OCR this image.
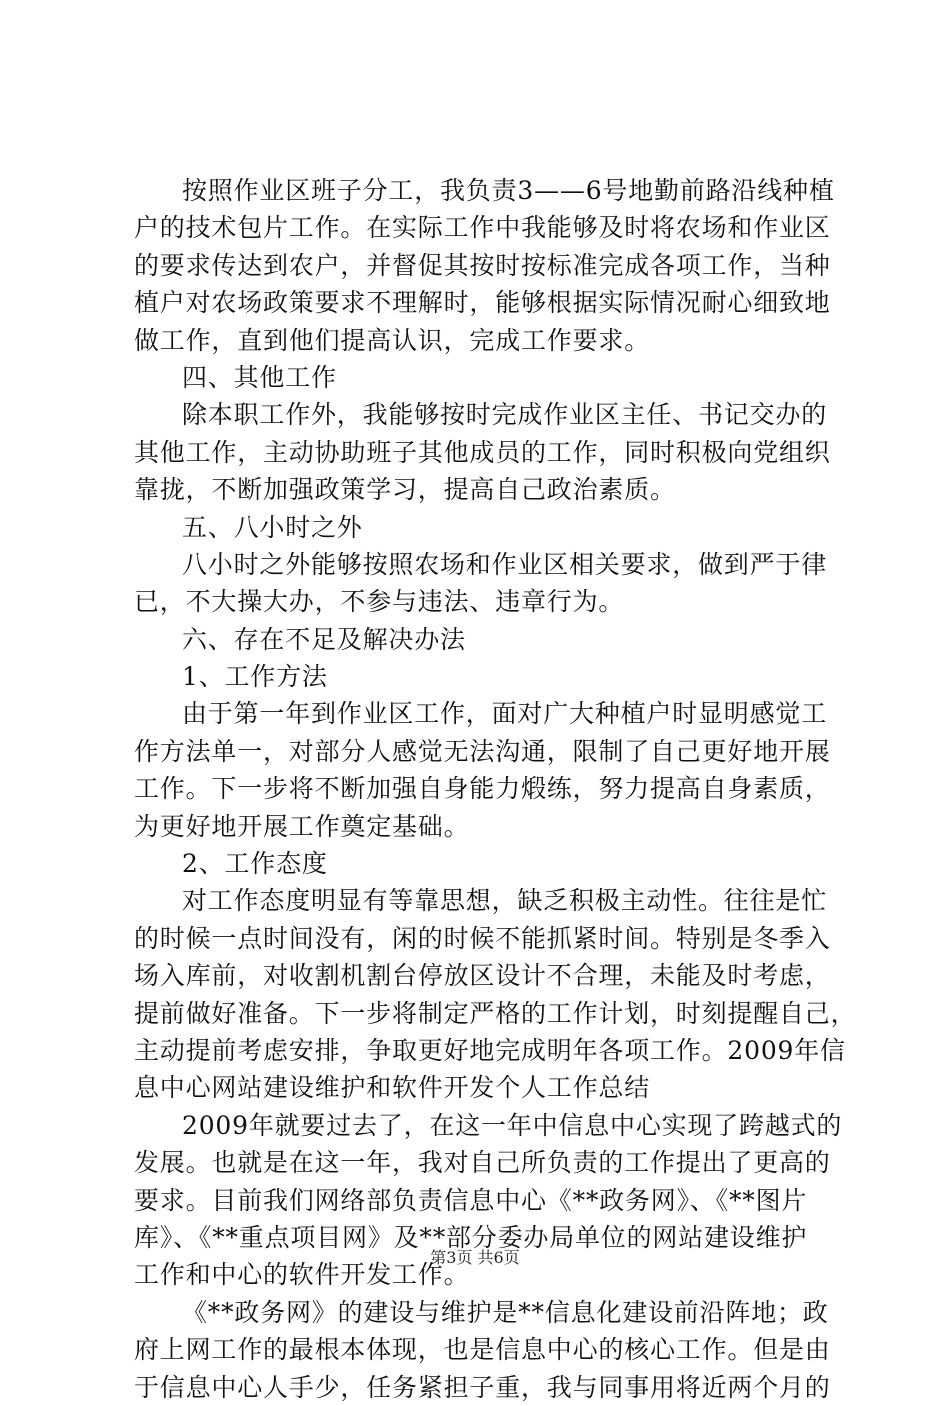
按照作业区班子分工，我负责3——6号地勤前路沿线种植
户的技术包片工作。在实际工作中我能够及时将农场和作业区
的要求传达到农户，并督促其按时按标准完成各项工作，当种
植户对农场政策要求不理解时，能够根据实际情况耐心细致地
做工作，直到他们提高认识，完成工作要求。
四、其他工作
除本职工作外，我能够按时完成作业区主任、书记交办的
其他工作，主动协助班子其他成员的工作，同时积极向党组织
靠拢，不断加强政策学习，提高自己政治素质。
五、八小时之外
八小时之外能够按照农场和作业区相关要求，做到严于律
已，不大操大办，不参与违法、违章行为。
六、存在不足及解决办法
1、工作方法
由于第一年到作业区工作，面对广大种植户时显明感觉工
作方法单一，对部分人感觉无法沟通，限制了自己更好地开展
工作。下一步将不断加强自身能力煅练，努力提高自身素质，
为更好地开展工作奠定基础。
2、工作态度
对工作态度明显有等靠思想，缺乏积极主动性。往往是忙
的时候一点时间没有，闲的时候不能抓紧时间。特别是冬季入
场入库前，对收割机割台停放区设计不合理，未能及时考虑，
提前做好准备。下一步将制定严格的工作计划，时刻提醒自己，
主动提前考虑安排，争取更好地完成明年各项工作。2009年信
息中心网站建设维护和软件开发个人工作总结
2009年就要过去了，在这一年中信息中心实现了跨越式的
发展。也就是在这一年，我对自己所负责的工作提出了更高的
要求。目前我们网络部负责信息中心《**政务网》、《**图片
库》、《**重点项目网》及**部分委办局单位的网站建设维护
工作和中心的软件开发工作。
《**政务网》的建设与维护是**信息化建设前沿阵地；政
府上网工作的最根本体现，也是信息中心的核心工作。但是由
于信息中心人手少，任务紧担子重，我与同事用将近两个月的
第3页 共6页
